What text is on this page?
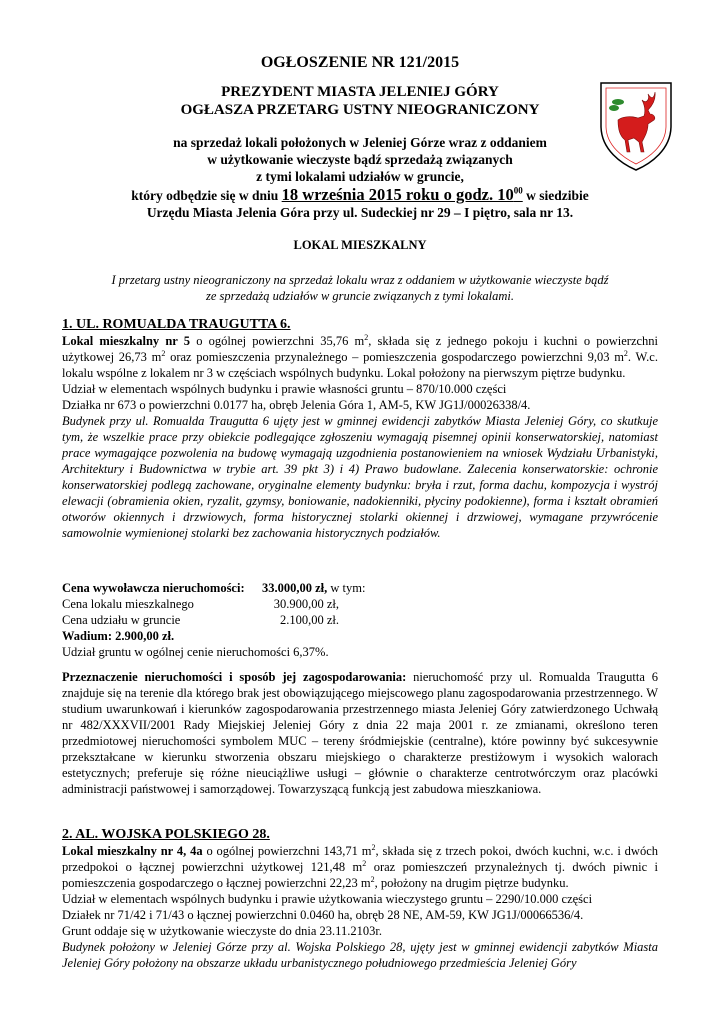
OGŁOSZENIE NR 121/2015
PREZYDENT MIASTA JELENIEJ GÓRY
OGŁASZA PRZETARG USTNY NIEOGRANICZONY
na sprzedaż lokali położonych w Jeleniej Górze wraz z oddaniem
w użytkowanie wieczyste bądź sprzedażą związanych
z tymi lokalami udziałów w gruncie,
który odbędzie się w dniu 18 września 2015 roku o godz. $10^{00}$ w siedzibie
Urzędu Miasta Jelenia Góra przy ul. Sudeckiej nr 29 – I piętro, sala nr 13.
LOKAL MIESZKALNY
I przetarg ustny nieograniczony na sprzedaż lokalu wraz z oddaniem w użytkowanie wieczyste bądź
ze sprzedażą udziałów w gruncie związanych z tymi lokalami.
1. UL. ROMUALDA TRAUGUTTA 6.

Lokal mieszkalny nr 5 o ogólnej powierzchni 35,76 $m^2$, składa się z jednego pokoju i kuchni o powierzchni użytkowej 26,73 $m^2$ oraz pomieszczenia przynależnego – pomieszczenia gospodarczego powierzchni 9,03 $m^2$. W.c. lokalu wspólne z lokalem nr 3 w częściach wspólnych budynku. Lokal położony na pierwszym piętrze budynku.

Udział w elementach wspólnych budynku i prawie własności gruntu – 870/10.000 części

Działka nr 673 o powierzchni 0.0177 ha, obręb Jelenia Góra 1, AM-5, KW JG1J/00026338/4.

Budynek przy ul. Romualda Traugutta 6 ujęty jest w gminnej ewidencji zabytków Miasta Jeleniej Góry, co skutkuje tym, że wszelkie prace przy obiekcie podlegające zgłoszeniu wymagają pisemnej opinii konserwatorskiej, natomiast prace wymagające pozwolenia na budowę wymagają uzgodnienia postanowieniem na wniosek Wydziału Urbanistyki, Architektury i Budownictwa w trybie art. 39 pkt 3) i 4) Prawo budowlane. Zalecenia konserwatorskie: ochronie konserwatorskiej podlegą zachowane, oryginalne elementy budynku: bryła i rzut, forma dachu, kompozycja i wystrój elewacji (obramienia okien, ryzalit, gzymsy, boniowanie, nadokienniki, płyciny podokienne), forma i kształt obramień otworów okiennych i drzwiowych, forma historycznej stolarki okiennej i drzwiowej, wymagane przywrócenie samowolnie wymienionej stolarki bez zachowania historycznych podziałów.

Cena wywoławcza nieruchomości:	33.000,00 zł, w tym:
Cena lokalu mieszkalnego	30.900,00 zł,
Cena udziału w gruncie	2.100,00 zł.
Wadium: 2.900,00 zł.
Udział gruntu w ogólnej cenie nieruchomości 6,37%.

Przeznaczenie nieruchomości i sposób jej zagospodarowania: nieruchomość przy ul. Romualda Traugutta 6 znajduje się na terenie dla którego brak jest obowiązującego miejscowego planu zagospodarowania przestrzennego. W studium uwarunkowań i kierunków zagospodarowania przestrzennego miasta Jeleniej Góry zatwierdzonego Uchwałą nr 482/XXXVII/2001 Rady Miejskiej Jeleniej Góry z dnia 22 maja 2001 r. ze zmianami, określono teren przedmiotowej nieruchomości symbolem MUC – tereny śródmiejskie (centralne), które powinny być sukcesywnie przekształcane w kierunku stworzenia obszaru miejskiego o charakterze prestiżowym i wysokich walorach estetycznych; preferuje się różne nieuciążliwe usługi – głównie o charakterze centrotwórczym oraz placówki administracji państwowej i samorządowej. Towarzyszącą funkcją jest zabudowa mieszkaniowa.

2. AL. WOJSKA POLSKIEGO 28.

Lokal mieszkalny nr 4, 4a o ogólnej powierzchni 143,71 $m^2$, składa się z trzech pokoi, dwóch kuchni, w.c. i dwóch przedpokoi o łącznej powierzchni użytkowej 121,48 $m^2$ oraz pomieszczeń przynależnych tj. dwóch piwnic i pomieszczenia gospodarczego o łącznej powierzchni 22,23 $m^2$, położony na drugim piętrze budynku.

Udział w elementach wspólnych budynku i prawie użytkowania wieczystego gruntu – 2290/10.000 części

Działek nr 71/42 i 71/43 o łącznej powierzchni 0.0460 ha, obręb 28 NE, AM-59, KW JG1J/00066536/4.

Grunt oddaje się w użytkowanie wieczyste do dnia 23.11.2103r.

Budynek położony w Jeleniej Górze przy al. Wojska Polskiego 28, ujęty jest w gminnej ewidencji zabytków Miasta Jeleniej Góry położony na obszarze układu urbanistycznego południowego przedmieścia Jeleniej Góry
